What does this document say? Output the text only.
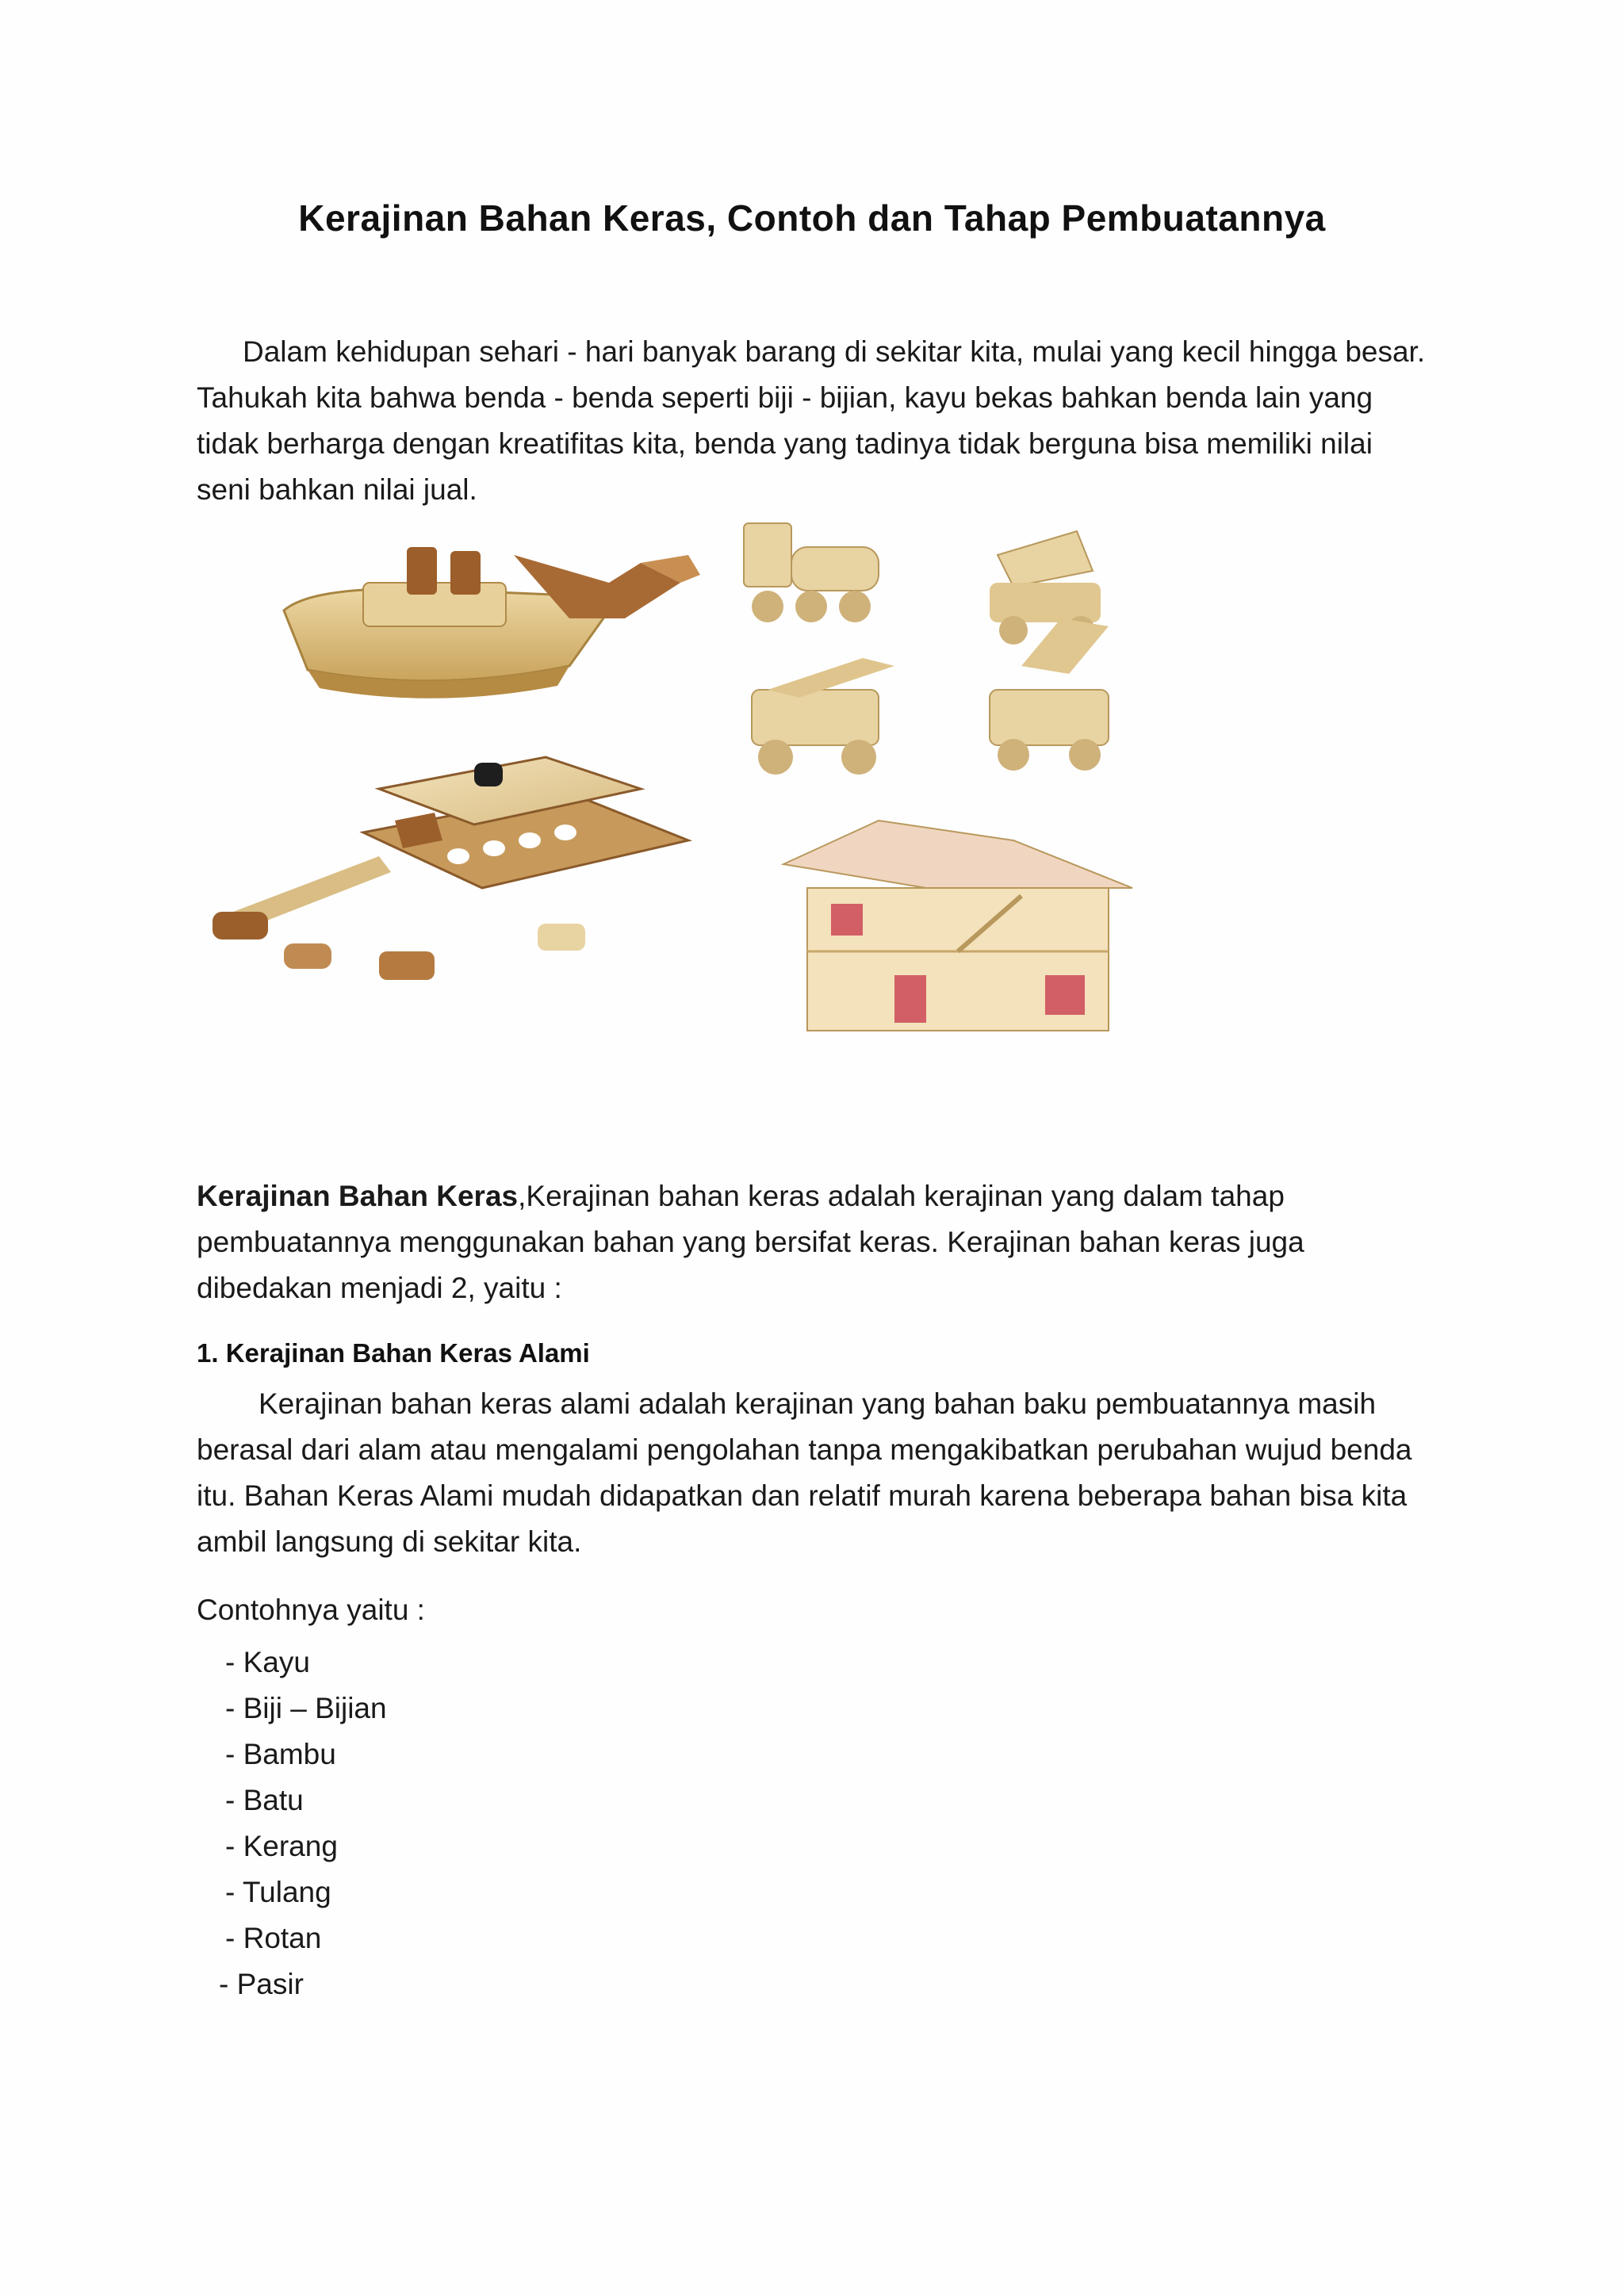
Kerajinan Bahan Keras, Contoh dan Tahap Pembuatannya
Dalam kehidupan sehari - hari banyak barang di sekitar kita, mulai yang kecil hingga besar. Tahukah kita bahwa benda - benda seperti biji - bijian, kayu bekas bahkan benda lain yang tidak berharga dengan kreatifitas kita, benda yang tadinya tidak berguna bisa memiliki nilai seni bahkan nilai jual.
Kerajinan Bahan Keras,Kerajinan bahan keras adalah kerajinan yang dalam tahap pembuatannya menggunakan bahan yang bersifat keras. Kerajinan bahan keras juga dibedakan menjadi 2, yaitu :
1. Kerajinan Bahan Keras Alami
Kerajinan bahan keras alami adalah kerajinan yang bahan baku pembuatannya masih berasal dari alam atau mengalami pengolahan tanpa mengakibatkan perubahan wujud benda itu. Bahan Keras Alami mudah didapatkan dan relatif murah karena beberapa bahan bisa kita ambil langsung di sekitar kita.
Contohnya yaitu :
- Kayu
- Biji – Bijian
- Bambu
- Batu
- Kerang
- Tulang
- Rotan
- Pasir
